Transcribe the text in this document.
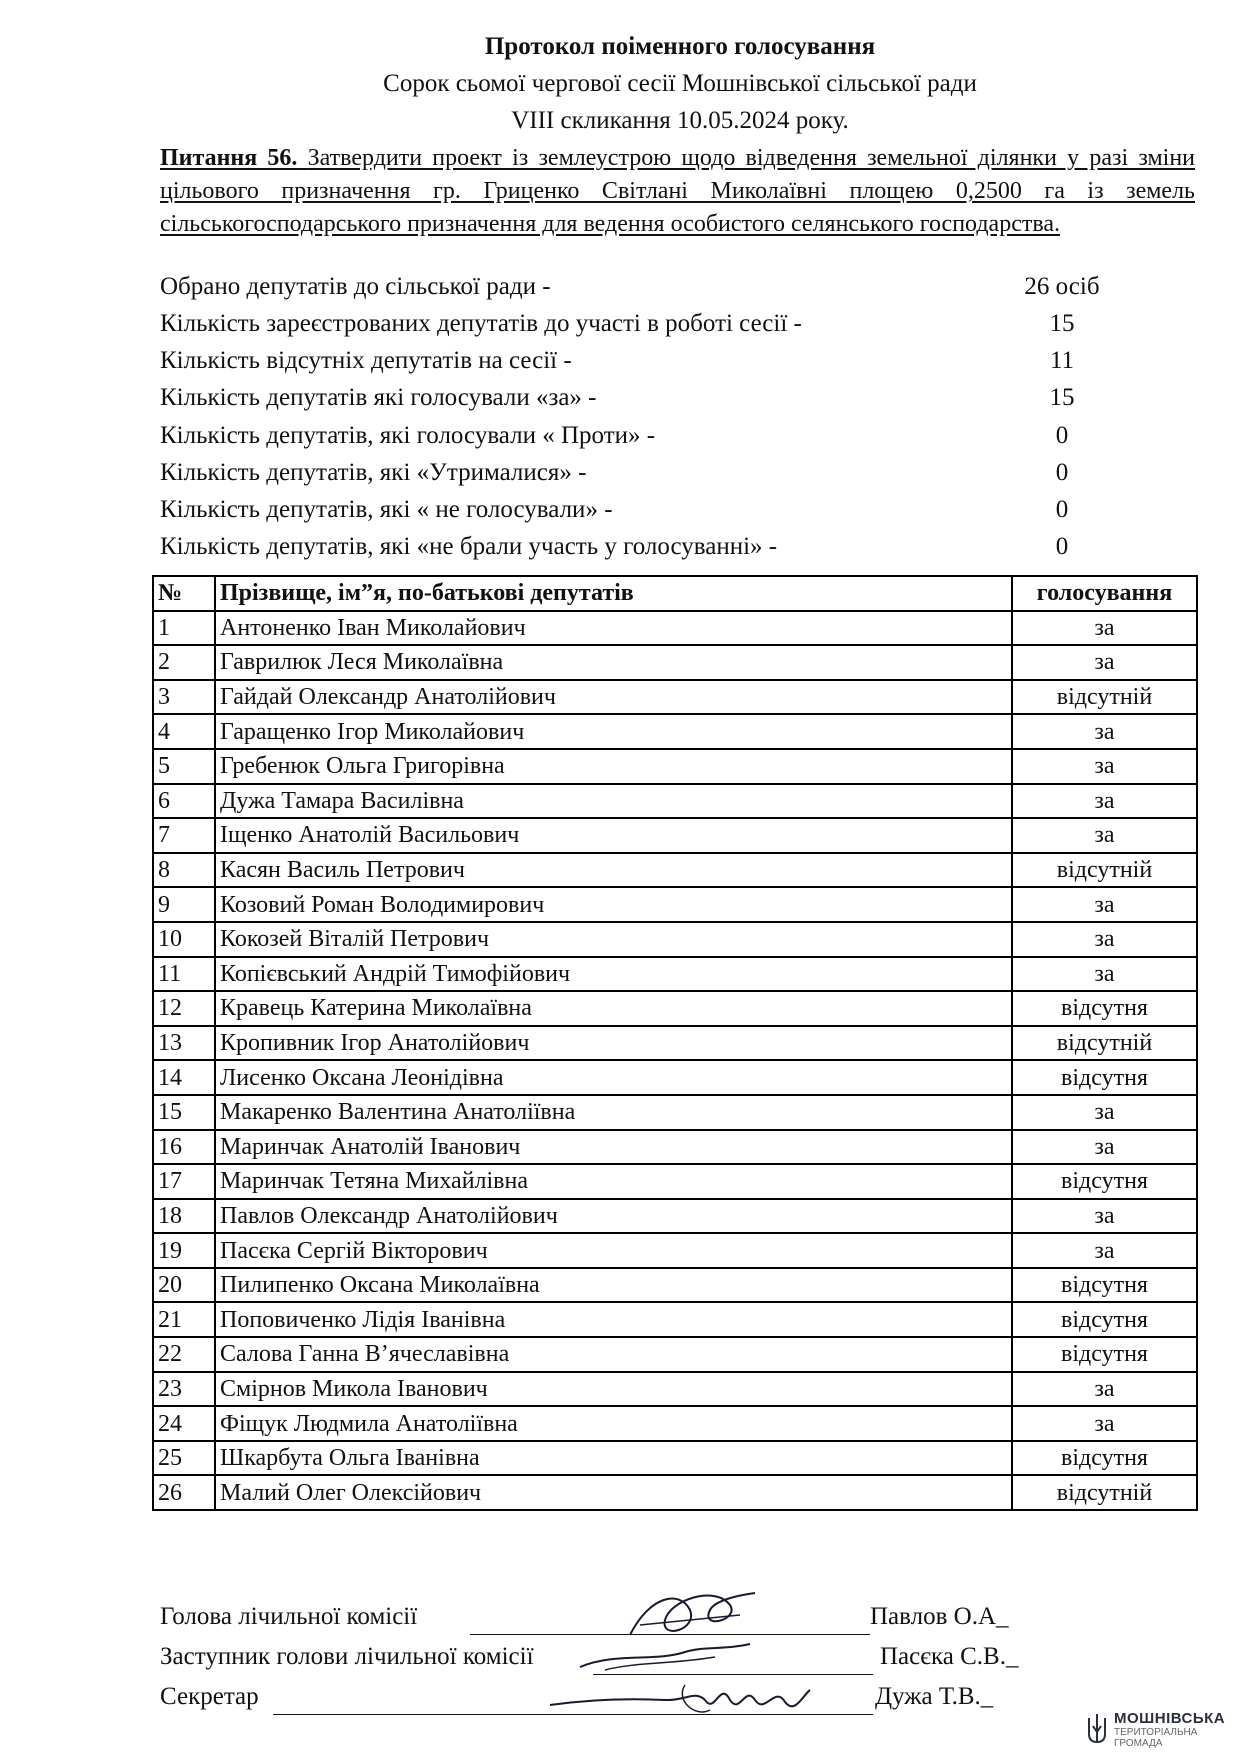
Протокол поіменного голосування
Сорок сьомої чергової сесії Мошнівської сільської ради
VIII скликання 10.05.2024 року.
Питання 56. Затвердити проект із землеустрою щодо відведення земельної ділянки у разі зміни цільового призначення гр. Гриценко Світлані Миколаївні площею 0,2500 га із земель сільськогосподарського призначення для ведення особистого селянського господарства.
Обрано депутатів до сільської ради -	26 осіб
Кількість зареєстрованих депутатів до участі в роботі сесії -	15
Кількість відсутніх депутатів на сесії -	11
Кількість депутатів які голосували «за» -	15
Кількість депутатів, які голосували « Проти» -	0
Кількість депутатів, які «Утрималися» -	0
Кількість депутатів, які « не голосували» -	0
Кількість депутатів, які «не брали участь у голосуванні» -	0
№	Прізвище, ім”я, по-батькові депутатів	голосування
1	Антоненко Іван Миколайович	за
2	Гаврилюк Леся Миколаївна	за
3	Гайдай Олександр Анатолійович	відсутній
4	Гаращенко Ігор Миколайович	за
5	Гребенюк Ольга Григорівна	за
6	Дужа Тамара Василівна	за
7	Іщенко Анатолій Васильович	за
8	Касян Василь Петрович	відсутній
9	Козовий Роман Володимирович	за
10	Кокозей Віталій Петрович	за
11	Копієвський Андрій Тимофійович	за
12	Кравець Катерина Миколаївна	відсутня
13	Кропивник Ігор Анатолійович	відсутній
14	Лисенко Оксана Леонідівна	відсутня
15	Макаренко Валентина Анатоліївна	за
16	Маринчак Анатолій Іванович	за
17	Маринчак Тетяна Михайлівна	відсутня
18	Павлов Олександр Анатолійович	за
19	Пасєка Сергій Вікторович	за
20	Пилипенко Оксана Миколаївна	відсутня
21	Поповиченко Лідія Іванівна	відсутня
22	Салова Ганна В’ячеславівна	відсутня
23	Смірнов Микола Іванович	за
24	Фіщук Людмила Анатоліївна	за
25	Шкарбута Ольга Іванівна	відсутня
26	Малий Олег Олексійович	відсутній
Голова лічильної комісії	Павлов О.А_
Заступник голови лічильної комісії	Пасєка С.В._
Секретар	Дужа Т.В._
МОШНІВСЬКА
ТЕРИТОРІАЛЬНА
ГРОМАДА
